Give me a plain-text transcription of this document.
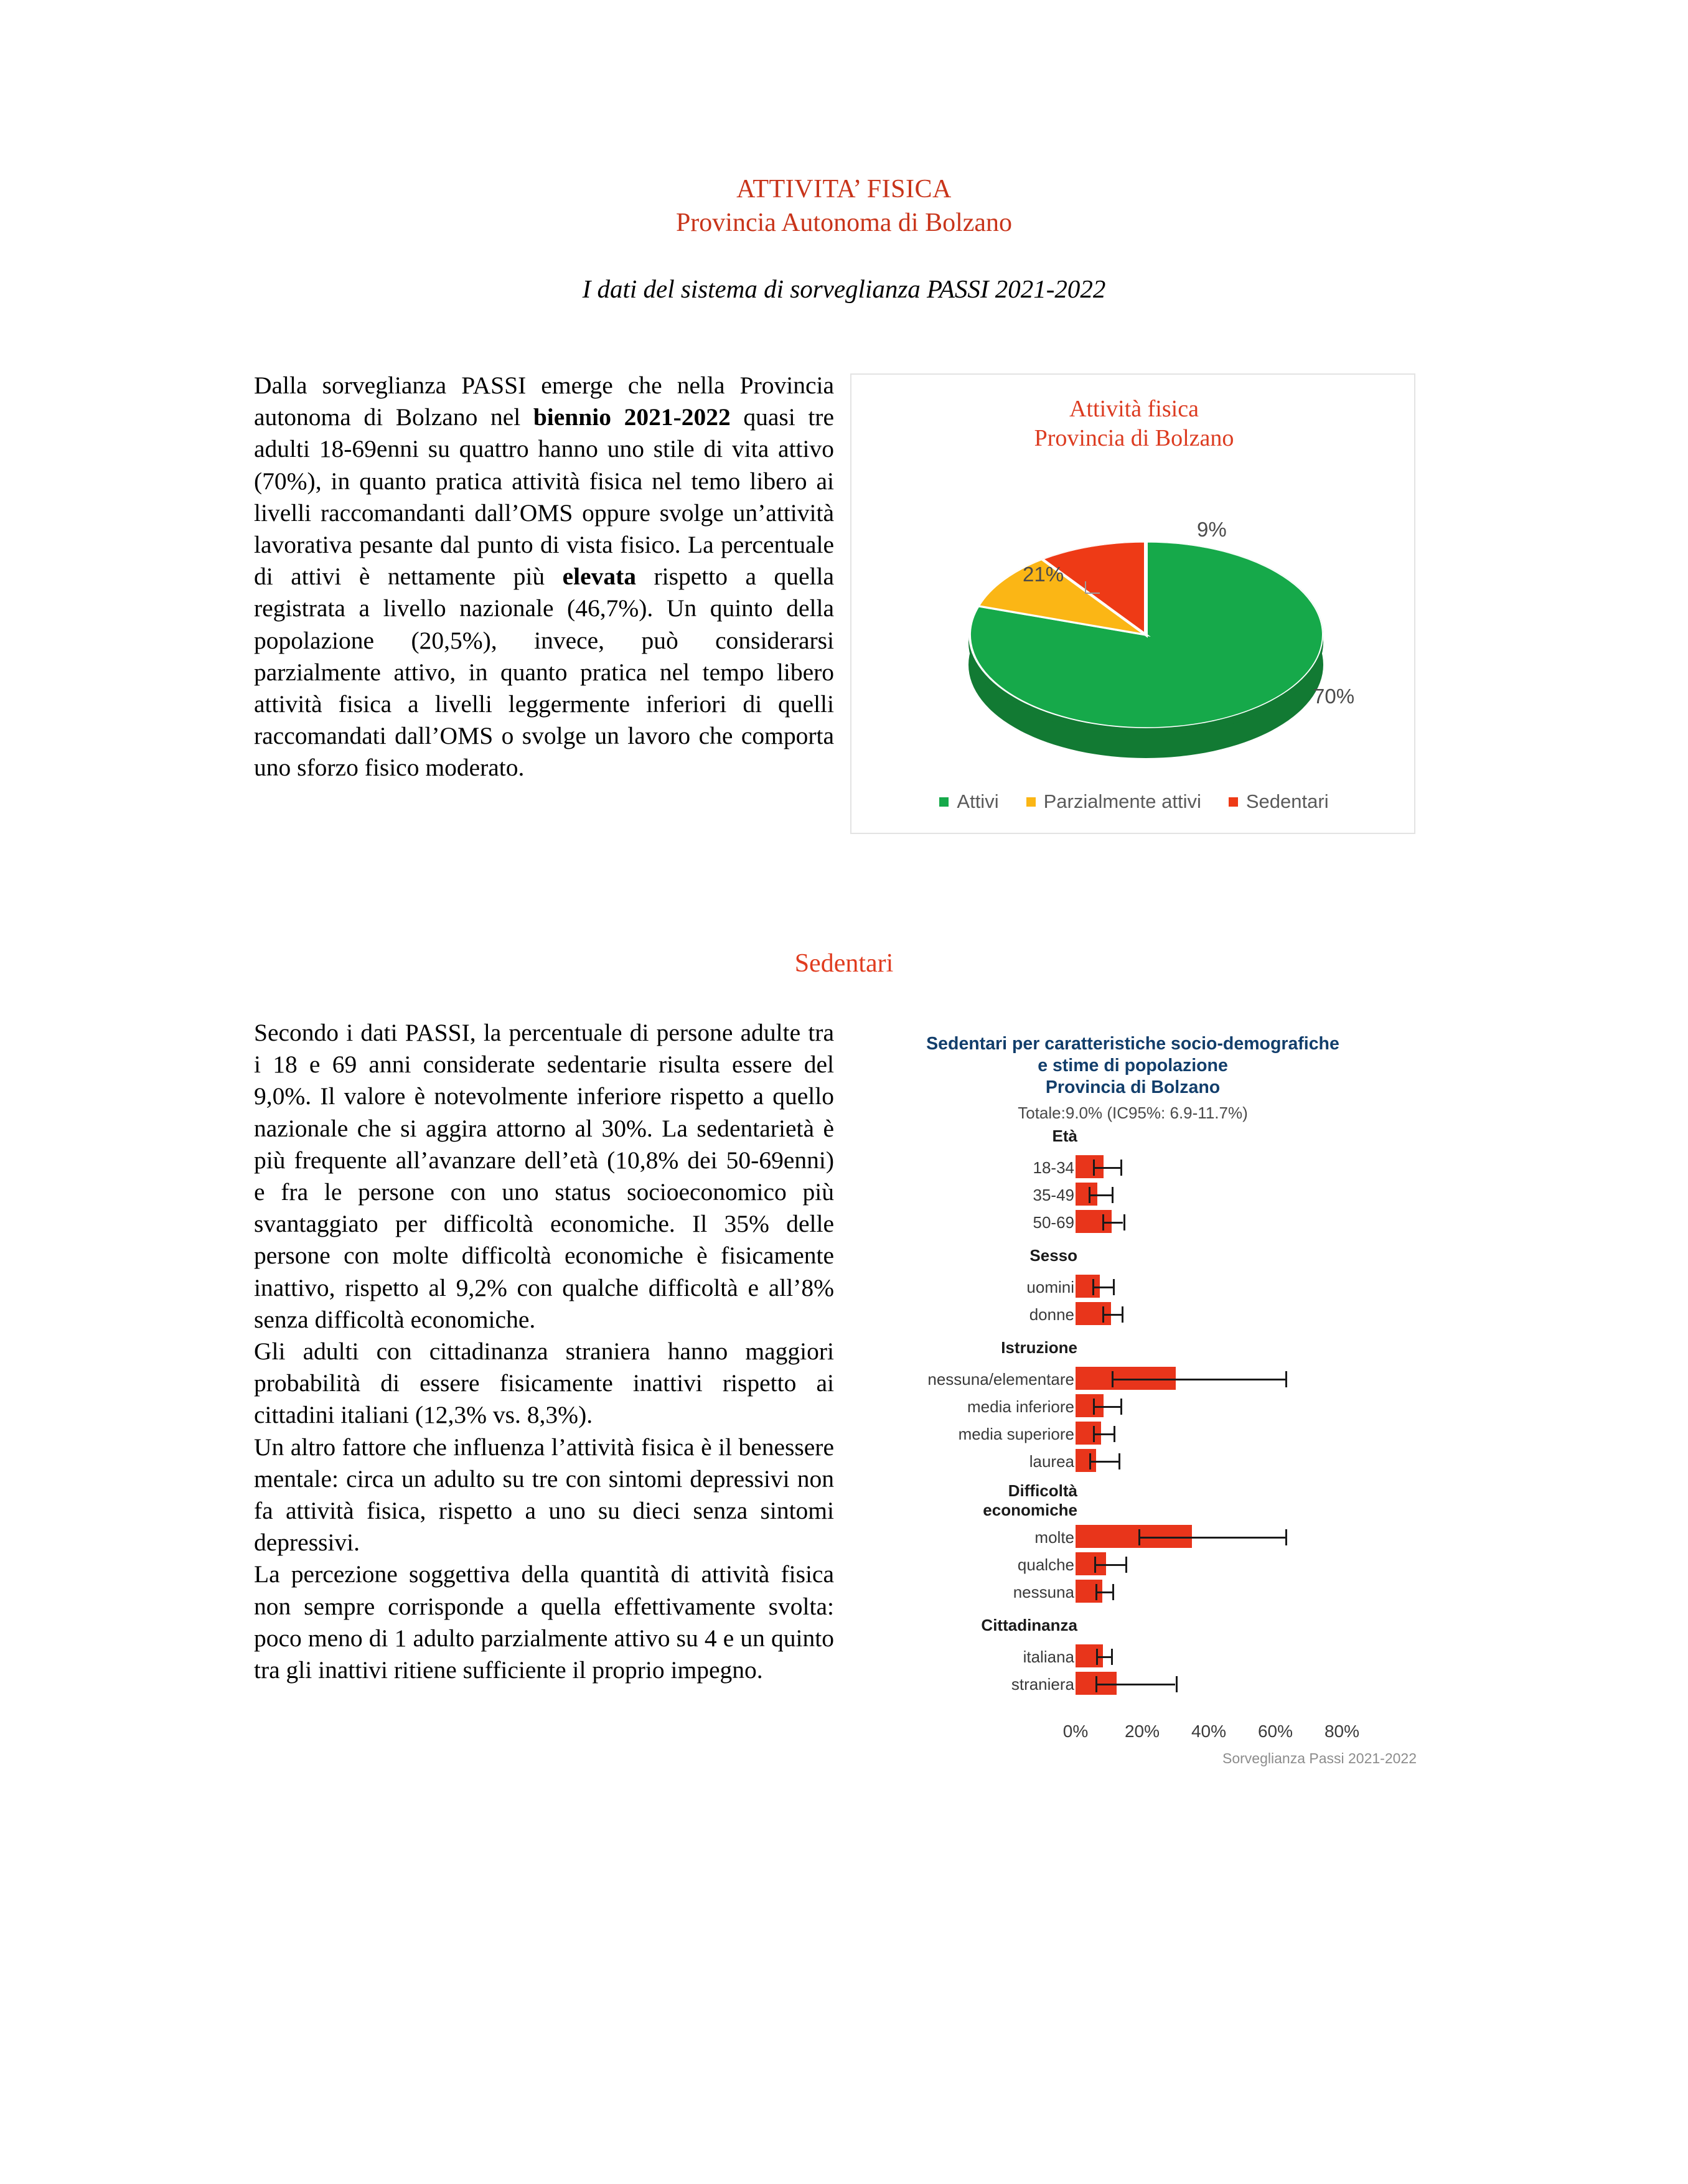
ATTIVITA’ FISICA
Provincia Autonoma di Bolzano
I dati del sistema di sorveglianza PASSI 2021-2022

Dalla sorveglianza PASSI emerge che nella Provincia autonoma di Bolzano nel biennio 2021-2022 quasi tre adulti 18-69enni su quattro hanno uno stile di vita attivo (70%), in quanto pratica attività fisica nel temo libero ai livelli raccomandanti dall’OMS oppure svolge un’attività lavorativa pesante dal punto di vista fisico. La percentuale di attivi è nettamente più elevata rispetto a quella registrata a livello nazionale (46,7%). Un quinto della popolazione (20,5%), invece, può considerarsi parzialmente attivo, in quanto pratica nel tempo libero attività fisica a livelli leggermente inferiori di quelli raccomandati dall’OMS o svolge un lavoro che comporta uno sforzo fisico moderato.

Attività fisica
Provincia di Bolzano
9%
21%
70%
Attivi Parzialmente attivi Sedentari
Sedentari

Secondo i dati PASSI, la percentuale di persone adulte tra i 18 e 69 anni considerate sedentarie risulta essere del 9,0%. Il valore è notevolmente inferiore rispetto a quello nazionale che si aggira attorno al 30%. La sedentarietà è più frequente all’avanzare dell’età (10,8% dei 50-69enni) e fra le persone con uno status socioeconomico più svantaggiato per difficoltà economiche. Il 35% delle persone con molte difficoltà economiche è fisicamente inattivo, rispetto al 9,2% con qualche difficoltà e all’8% senza difficoltà economiche.

Gli adulti con cittadinanza straniera hanno maggiori probabilità di essere fisicamente inattivi rispetto ai cittadini italiani (12,3% vs. 8,3%).

Un altro fattore che influenza l’attività fisica è il benessere mentale: circa un adulto su tre con sintomi depressivi non fa attività fisica, rispetto a uno su dieci senza sintomi depressivi.

La percezione soggettiva della quantità di attività fisica non sempre corrisponde a quella effettivamente svolta: poco meno di 1 adulto parzialmente attivo su 4 e un quinto tra gli inattivi ritiene sufficiente il proprio impegno.

Sedentari per caratteristiche socio-demografiche
e stime di popolazione
Provincia di Bolzano
Totale:9.0% (IC95%: 6.9-11.7%)
Età
18-34
35-49
50-69
Sesso
uomini
donne
Istruzione
nessuna/elementare
media inferiore
media superiore
laurea
Difficoltà
economiche
molte
qualche
nessuna
Cittadinanza
italiana
straniera
0%	20%	40%	60%	80%
Sorveglianza Passi 2021-2022
